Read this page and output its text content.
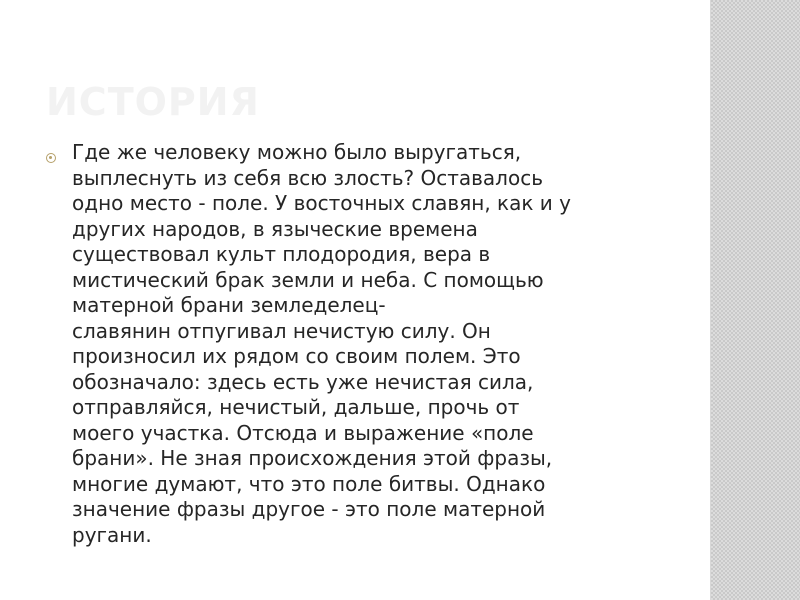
ИСТОРИЯ

Где же человеку можно было выругаться,
выплеснуть из себя всю злость? Оставалось
одно место - поле. У восточных славян, как и у
других народов, в языческие времена
существовал культ плодородия, вера в
мистический брак земли и неба. С помощью
матерной брани земледелец-
славянин отпугивал нечистую силу. Он
произносил их рядом со своим полем. Это
обозначало: здесь есть уже нечистая сила,
отправляйся, нечистый, дальше, прочь от
моего участка. Отсюда и выражение «поле
брани». Не зная происхождения этой фразы,
многие думают, что это поле битвы. Однако
значение фразы другое - это поле матерной
ругани.
